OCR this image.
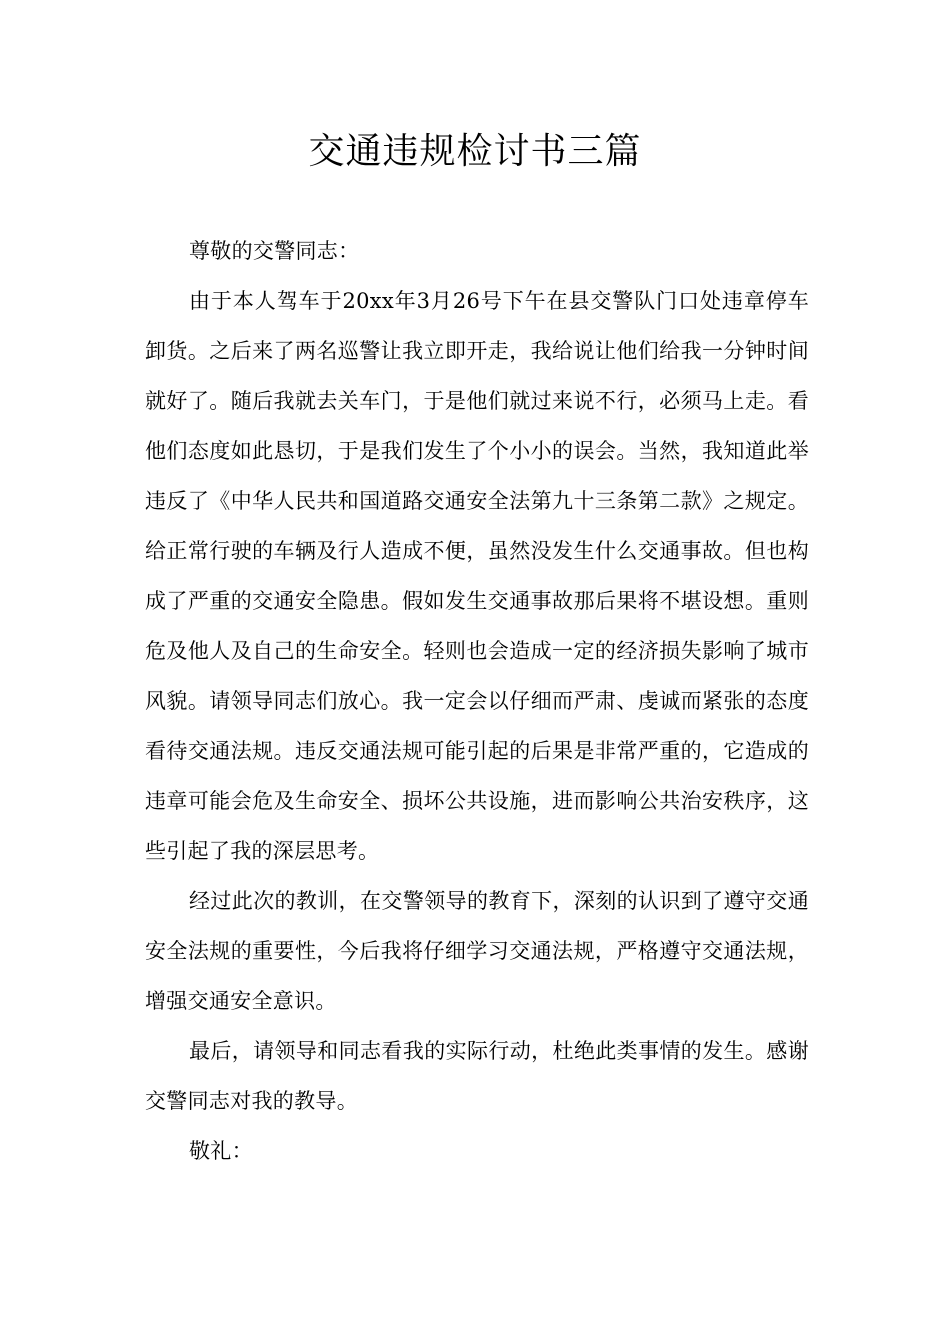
交通违规检讨书三篇

尊敬的交警同志：

由于本人驾车于20xx年3月26号下午在县交警队门口处违章停车卸货。之后来了两名巡警让我立即开走，我给说让他们给我一分钟时间就好了。随后我就去关车门，于是他们就过来说不行，必须马上走。看他们态度如此恳切，于是我们发生了个小小的误会。当然，我知道此举违反了《中华人民共和国道路交通安全法第九十三条第二款》之规定。给正常行驶的车辆及行人造成不便，虽然没发生什么交通事故。但也构成了严重的交通安全隐患。假如发生交通事故那后果将不堪设想。重则危及他人及自己的生命安全。轻则也会造成一定的经济损失影响了城市风貌。请领导同志们放心。我一定会以仔细而严肃、虔诚而紧张的态度看待交通法规。违反交通法规可能引起的后果是非常严重的，它造成的违章可能会危及生命安全、损坏公共设施，进而影响公共治安秩序，这些引起了我的深层思考。

经过此次的教训，在交警领导的教育下，深刻的认识到了遵守交通安全法规的重要性，今后我将仔细学习交通法规，严格遵守交通法规，增强交通安全意识。

最后，请领导和同志看我的实际行动，杜绝此类事情的发生。感谢交警同志对我的教导。

敬礼：
